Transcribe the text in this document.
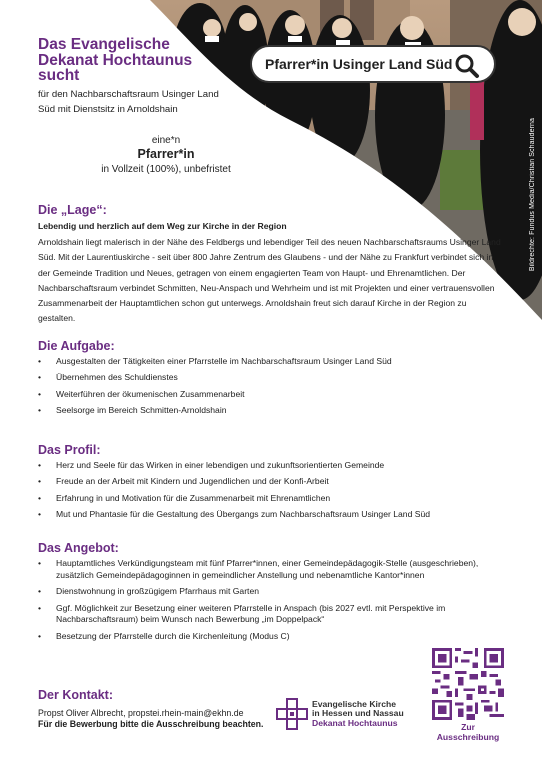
Bildrechte: Fundus Media/Christian Schauderna
Das Evangelische
Dekanat Hochtaunus
sucht
für den Nachbarschaftsraum Usinger Land
Süd mit Dienstsitz in Arnoldshain
Pfarrer*in Usinger Land Süd
eine*n
Pfarrer*in
in Vollzeit (100%), unbefristet
Die „Lage“:
Lebendig und herzlich auf dem Weg zur Kirche in der Region
Arnoldshain liegt malerisch in der Nähe des Feldbergs und lebendiger Teil des neuen Nachbarschaftsraums Usinger Land Süd. Mit der Laurentiuskirche - seit über 800 Jahre Zentrum des Glaubens - und der Nähe zu Frankfurt verbindet sich in der Gemeinde Tradition und Neues, getragen von einem engagierten Team von Haupt- und Ehrenamtlichen. Der Nachbarschaftsraum verbindet Schmitten, Neu-Anspach und Wehrheim und ist mit Projekten und einer vertrauensvollen Zusammenarbeit der Hauptamtlichen schon gut unterwegs. Arnoldshain freut sich darauf Kirche in der Region zu gestalten.
Die Aufgabe:
• Ausgestalten der Tätigkeiten einer Pfarrstelle im Nachbarschaftsraum Usinger Land Süd
• Übernehmen des Schuldienstes
• Weiterführen der ökumenischen Zusammenarbeit
• Seelsorge im Bereich Schmitten-Arnoldshain
Das Profil:
• Herz und Seele für das Wirken in einer lebendigen und zukunftsorientierten Gemeinde
• Freude an der Arbeit mit Kindern und Jugendlichen und der Konfi-Arbeit
• Erfahrung in und Motivation für die Zusammenarbeit mit Ehrenamtlichen
• Mut und Phantasie für die Gestaltung des Übergangs zum Nachbarschaftsraum Usinger Land Süd
Das Angebot:
• Hauptamtliches Verkündigungsteam mit fünf Pfarrer*innen, einer Gemeindepädagogik-Stelle (ausgeschrieben), zusätzlich Gemeindepädagoginnen in gemeindlicher Anstellung und nebenamtliche Kantor*innen
• Dienstwohnung in großzügigem Pfarrhaus mit Garten
• Ggf. Möglichkeit zur Besetzung einer weiteren Pfarrstelle in Anspach (bis 2027 evtl. mit Perspektive im Nachbarschaftsraum) beim Wunsch nach Bewerbung „im Doppelpack“
• Besetzung der Pfarrstelle durch die Kirchenleitung (Modus C)
Der Kontakt:
Propst Oliver Albrecht, propstei.rhein-main@ekhn.de
Für die Bewerbung bitte die Ausschreibung beachten.
Evangelische Kirche
in Hessen und Nassau
Dekanat Hochtaunus	Zur Ausschreibung
